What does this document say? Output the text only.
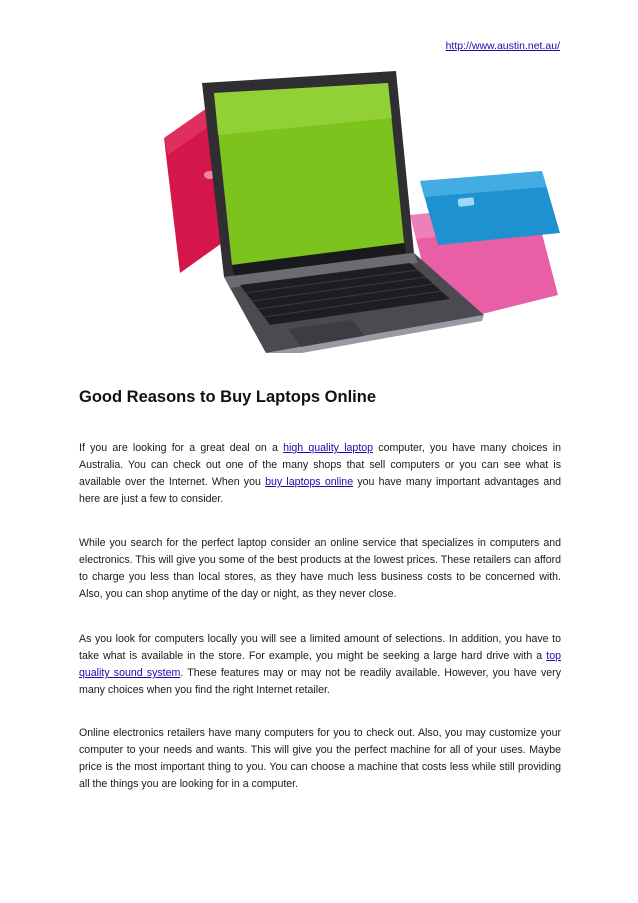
http://www.austin.net.au/
Good Reasons to Buy Laptops Online

If you are looking for a great deal on a high quality laptop computer, you have many choices in Australia. You can check out one of the many shops that sell computers or you can see what is available over the Internet. When you buy laptops online you have many important advantages and here are just a few to consider.

While you search for the perfect laptop consider an online service that specializes in computers and electronics. This will give you some of the best products at the lowest prices. These retailers can afford to charge you less than local stores, as they have much less business costs to be concerned with. Also, you can shop anytime of the day or night, as they never close.

As you look for computers locally you will see a limited amount of selections. In addition, you have to take what is available in the store. For example, you might be seeking a large hard drive with a top quality sound system. These features may or may not be readily available. However, you have very many choices when you find the right Internet retailer.

Online electronics retailers have many computers for you to check out. Also, you may customize your computer to your needs and wants. This will give you the perfect machine for all of your uses. Maybe price is the most important thing to you. You can choose a machine that costs less while still providing all the things you are looking for in a computer.
